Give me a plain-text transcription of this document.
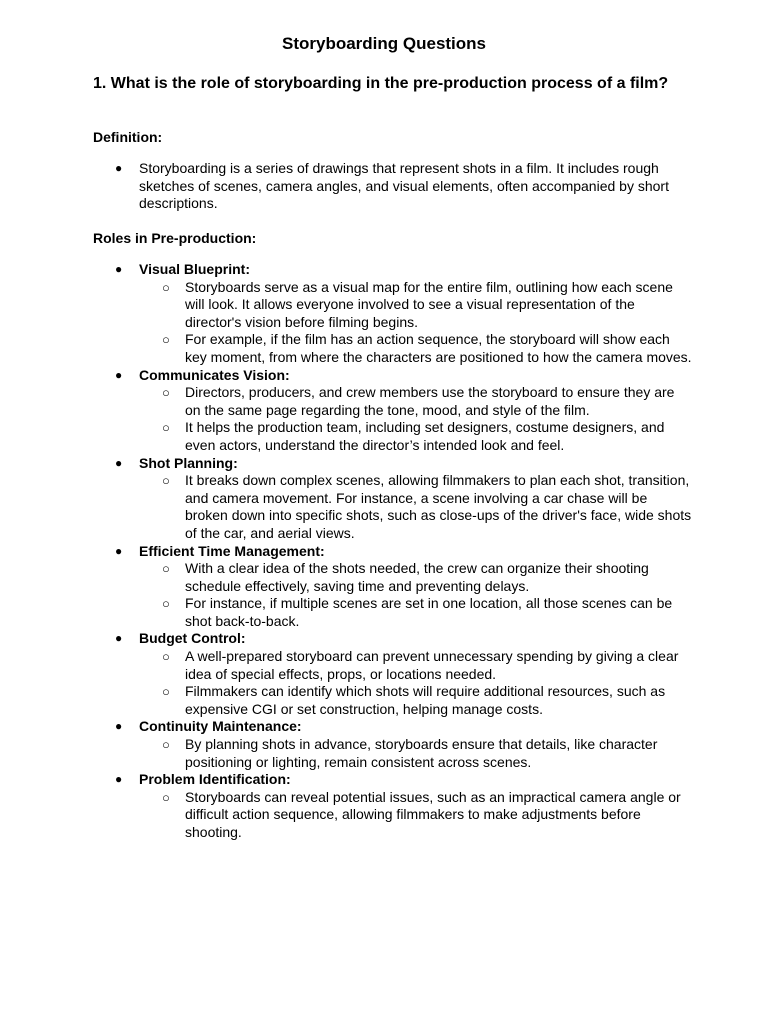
Storyboarding Questions
1. What is the role of storyboarding in the pre-production process of a film?

Definition:

● Storyboarding is a series of drawings that represent shots in a film. It includes rough sketches of scenes, camera angles, and visual elements, often accompanied by short descriptions.

Roles in Pre-production:

● Visual Blueprint:
○ Storyboards serve as a visual map for the entire film, outlining how each scene will look. It allows everyone involved to see a visual representation of the director's vision before filming begins.
○ For example, if the film has an action sequence, the storyboard will show each key moment, from where the characters are positioned to how the camera moves.
● Communicates Vision:
○ Directors, producers, and crew members use the storyboard to ensure they are on the same page regarding the tone, mood, and style of the film.
○ It helps the production team, including set designers, costume designers, and even actors, understand the director’s intended look and feel.
● Shot Planning:
○ It breaks down complex scenes, allowing filmmakers to plan each shot, transition, and camera movement. For instance, a scene involving a car chase will be broken down into specific shots, such as close-ups of the driver's face, wide shots of the car, and aerial views.
● Efficient Time Management:
○ With a clear idea of the shots needed, the crew can organize their shooting schedule effectively, saving time and preventing delays.
○ For instance, if multiple scenes are set in one location, all those scenes can be shot back-to-back.
● Budget Control:
○ A well-prepared storyboard can prevent unnecessary spending by giving a clear idea of special effects, props, or locations needed.
○ Filmmakers can identify which shots will require additional resources, such as expensive CGI or set construction, helping manage costs.
● Continuity Maintenance:
○ By planning shots in advance, storyboards ensure that details, like character positioning or lighting, remain consistent across scenes.
● Problem Identification:
○ Storyboards can reveal potential issues, such as an impractical camera angle or difficult action sequence, allowing filmmakers to make adjustments before shooting.
